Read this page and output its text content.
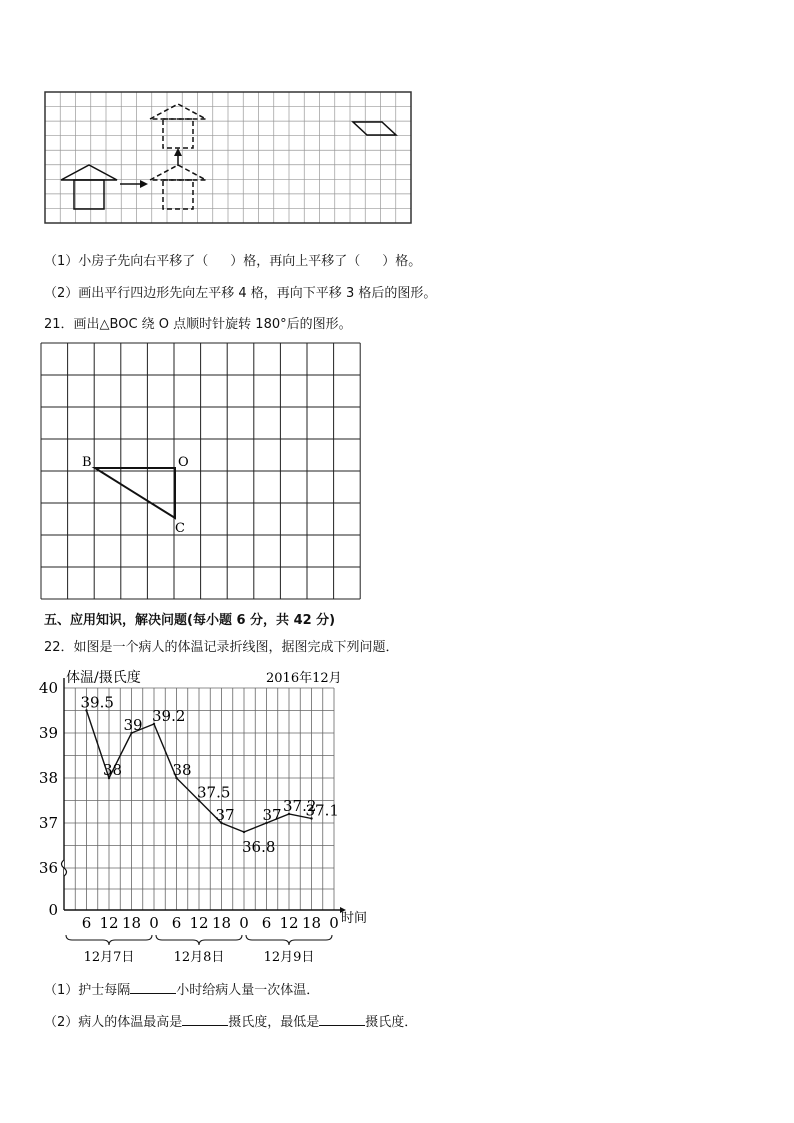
（1）小房子先向右平移了（ ）格，再向上平移了（ ）格。
（2）画出平行四边形先向左平移 4 格，再向下平移 3 格后的图形。
21．画出△BOC 绕 O 点顺时针旋转 180°后的图形。
B	O
C
五、应用知识，解决问题(每小题 6 分，共 42 分)
22．如图是一个病人的体温记录折线图，据图完成下列问题．
0
36
37
38
39
40
6 12 18 0 6 12 18 0 6 12 18 0
12月7日	12月8日	12月9日
39.5
38
39 39.2
38
37.5
37
36.8
37 37.2
37.1
体温/摄氏度	2016年12月
时间
（1）护士每隔	小时给病人量一次体温．
（2）病人的体温最高是	摄氏度，最低是	摄氏度．
